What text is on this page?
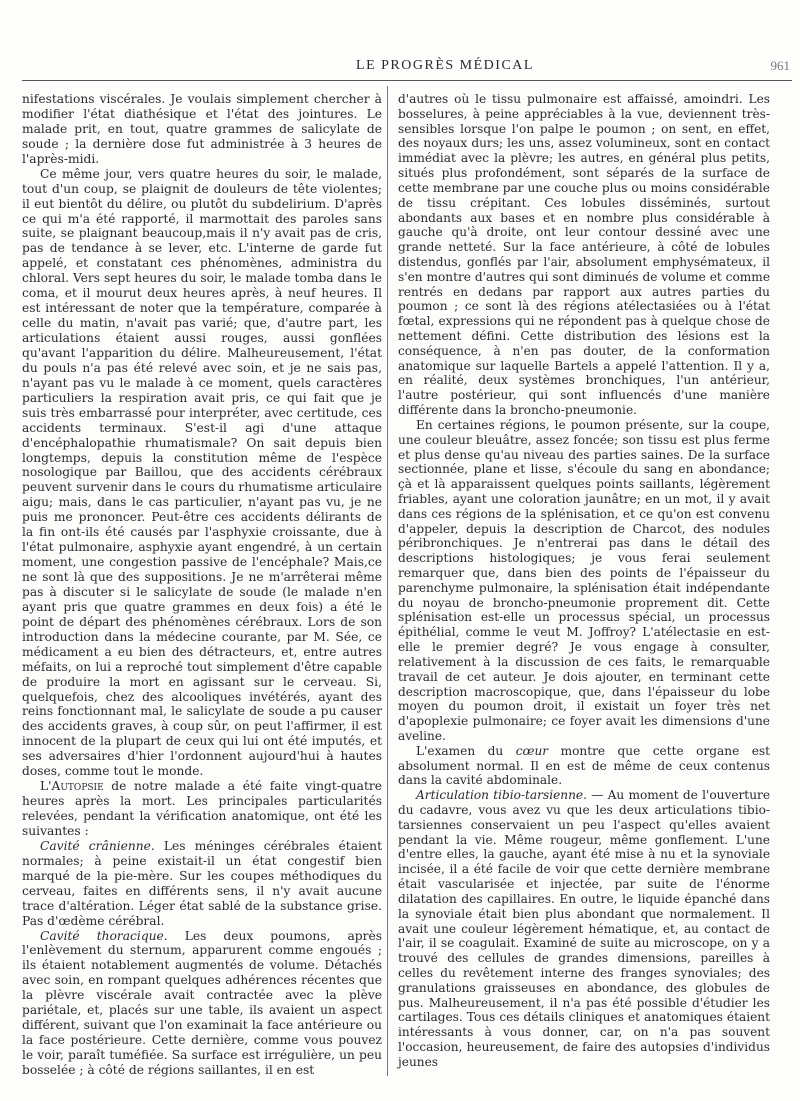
LE PROGRÈS MÉDICAL	961

nifestations viscérales. Je voulais simplement chercher à modifier l'état diathésique et l'état des jointures. Le malade prit, en tout, quatre grammes de salicylate de soude ; la dernière dose fut administrée à 3 heures de l'après-midi.

Ce même jour, vers quatre heures du soir, le malade, tout d'un coup, se plaignit de douleurs de tête violentes; il eut bientôt du délire, ou plutôt du subdelirium. D'après ce qui m'a été rapporté, il marmottait des paroles sans suite, se plaignant beaucoup,mais il n'y avait pas de cris, pas de tendance à se lever, etc. L'interne de garde fut appelé, et constatant ces phénomènes, administra du chloral. Vers sept heures du soir, le malade tomba dans le coma, et il mourut deux heures après, à neuf heures. Il est intéressant de noter que la température, comparée à celle du matin, n'avait pas varié; que, d'autre part, les articulations étaient aussi rouges, aussi gonflées qu'avant l'apparition du délire. Malheureusement, l'état du pouls n'a pas été relevé avec soin, et je ne sais pas, n'ayant pas vu le malade à ce moment, quels caractères particuliers la respiration avait pris, ce qui fait que je suis très embarrassé pour interpréter, avec certitude, ces accidents terminaux. S'est-il agi d'une attaque d'encéphalopathie rhumatismale? On sait depuis bien longtemps, depuis la constitution même de l'espèce nosologique par Baillou, que des accidents cérébraux peuvent survenir dans le cours du rhumatisme articulaire aigu; mais, dans le cas particulier, n'ayant pas vu, je ne puis me prononcer. Peut-être ces accidents délirants de la fin ont-ils été causés par l'asphyxie croissante, due à l'état pulmonaire, asphyxie ayant engendré, à un certain moment, une congestion passive de l'encéphale? Mais,ce ne sont là que des suppositions. Je ne m'arrêterai même pas à discuter si le salicylate de soude (le malade n'en ayant pris que quatre grammes en deux fois) a été le point de départ des phénomènes cérébraux. Lors de son introduction dans la médecine courante, par M. Sée, ce médicament a eu bien des détracteurs, et, entre autres méfaits, on lui a reproché tout simplement d'être capable de produire la mort en agissant sur le cerveau. Si, quelquefois, chez des alcooliques invétérés, ayant des reins fonctionnant mal, le salicylate de soude a pu causer des accidents graves, à coup sûr, on peut l'affirmer, il est innocent de la plupart de ceux qui lui ont été imputés, et ses adversaires d'hier l'ordonnent aujourd'hui à hautes doses, comme tout le monde.

L'Autopsie de notre malade a été faite vingt-quatre heures après la mort. Les principales particularités relevées, pendant la vérification anatomique, ont été les suivantes :

Cavité crânienne. Les méninges cérébrales étaient normales; à peine existait-il un état congestif bien marqué de la pie-mère. Sur les coupes méthodiques du cerveau, faites en différents sens, il n'y avait aucune trace d'altération. Léger état sablé de la substance grise. Pas d'œdème cérébral.

Cavité thoracique. Les deux poumons, après l'enlèvement du sternum, apparurent comme engoués ; ils étaient notablement augmentés de volume. Détachés avec soin, en rompant quelques adhérences récentes que la plèvre viscérale avait contractée avec la plève pariétale, et, placés sur une table, ils avaient un aspect différent, suivant que l'on examinait la face antérieure ou la face postérieure. Cette dernière, comme vous pouvez le voir, paraît tuméfiée. Sa surface est irrégulière, un peu bosselée ; à côté de régions saillantes, il en est

d'autres où le tissu pulmonaire est affaissé, amoindri. Les bosselures, à peine appréciables à la vue, deviennent très-sensibles lorsque l'on palpe le poumon ; on sent, en effet, des noyaux durs; les uns, assez volumineux, sont en contact immédiat avec la plèvre; les autres, en général plus petits, situés plus profondément, sont séparés de la surface de cette membrane par une couche plus ou moins considérable de tissu crépitant. Ces lobules disséminés, surtout abondants aux bases et en nombre plus considérable à gauche qu'à droite, ont leur contour dessiné avec une grande netteté. Sur la face antérieure, à côté de lobules distendus, gonflés par l'air, absolument emphysémateux, il s'en montre d'autres qui sont diminués de volume et comme rentrés en dedans par rapport aux autres parties du poumon ; ce sont là des régions atélectasiées ou à l'état fœtal, expressions qui ne répondent pas à quelque chose de nettement défini. Cette distribution des lésions est la conséquence, à n'en pas douter, de la conformation anatomique sur laquelle Bartels a appelé l'attention. Il y a, en réalité, deux systèmes bronchiques, l'un antérieur, l'autre postérieur, qui sont influencés d'une manière différente dans la broncho-pneumonie.

En certaines régions, le poumon présente, sur la coupe, une couleur bleuâtre, assez foncée; son tissu est plus ferme et plus dense qu'au niveau des parties saines. De la surface sectionnée, plane et lisse, s'écoule du sang en abondance; çà et là apparaissent quelques points saillants, légèrement friables, ayant une coloration jaunâtre; en un mot, il y avait dans ces régions de la splénisation, et ce qu'on est convenu d'appeler, depuis la description de Charcot, des nodules péribronchiques. Je n'entrerai pas dans le détail des descriptions histologiques; je vous ferai seulement remarquer que, dans bien des points de l'épaisseur du parenchyme pulmonaire, la splénisation était indépendante du noyau de broncho-pneumonie proprement dit. Cette splénisation est-elle un processus spécial, un processus épithélial, comme le veut M. Joffroy? L'atélectasie en est-elle le premier degré? Je vous engage à consulter, relativement à la discussion de ces faits, le remarquable travail de cet auteur. Je dois ajouter, en terminant cette description macroscopique, que, dans l'épaisseur du lobe moyen du poumon droit, il existait un foyer très net d'apoplexie pulmonaire; ce foyer avait les dimensions d'une aveline.

L'examen du cœur montre que cette organe est absolument normal. Il en est de même de ceux contenus dans la cavité abdominale.

Articulation tibio-tarsienne. — Au moment de l'ouverture du cadavre, vous avez vu que les deux articulations tibio-tarsiennes conservaient un peu l'aspect qu'elles avaient pendant la vie. Même rougeur, même gonflement. L'une d'entre elles, la gauche, ayant été mise à nu et la synoviale incisée, il a été facile de voir que cette dernière membrane était vascularisée et injectée, par suite de l'énorme dilatation des capillaires. En outre, le liquide épanché dans la synoviale était bien plus abondant que normalement. Il avait une couleur légèrement hématique, et, au contact de l'air, il se coagulait. Examiné de suite au microscope, on y a trouvé des cellules de grandes dimensions, pareilles à celles du revêtement interne des franges synoviales; des granulations graisseuses en abondance, des globules de pus. Malheureusement, il n'a pas été possible d'étudier les cartilages. Tous ces détails cliniques et anatomiques étaient intéressants à vous donner, car, on n'a pas souvent l'occasion, heureusement, de faire des autopsies d'individus jeunes
